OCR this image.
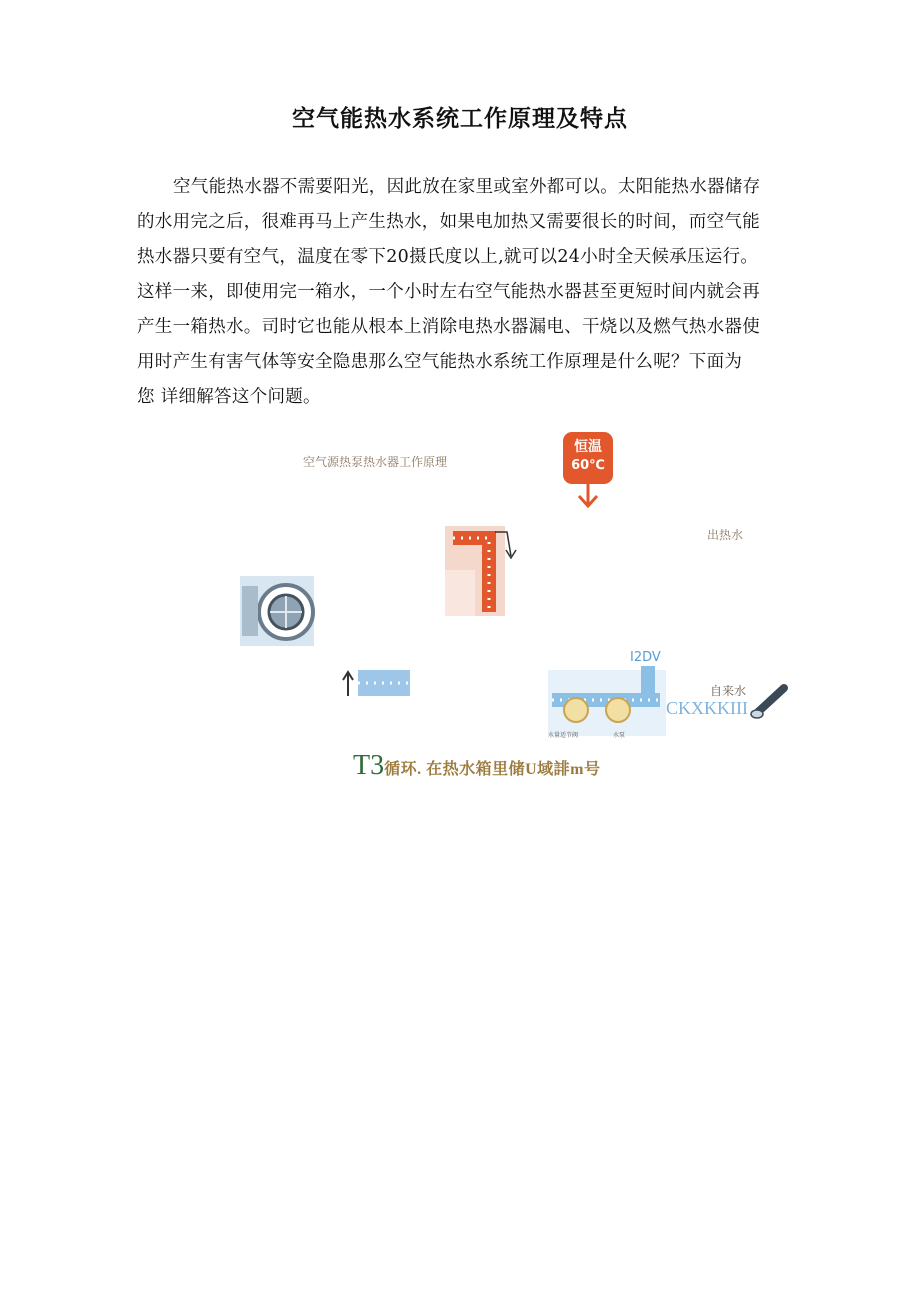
空气能热水系统工作原理及特点
空气能热水器不需要阳光，因此放在家里或室外都可以。太阳能热水器储存
的水用完之后，很难再马上产生热水，如果电加热又需要很长的时间，而空气能
热水器只要有空气，温度在零下20摄氏度以上,就可以24小时全天候承压运行。
这样一来，即使用完一箱水，一个小时左右空气能热水器甚至更短时间内就会再
产生一箱热水。司时它也能从根本上消除电热水器漏电、干烧以及燃气热水器使
用时产生有害气体等安全隐患那么空气能热水系统工作原理是什么呢？下面为
您 详细解答这个问题。
空气源热泵热水器工作原理
恒温
60℃
出热水
I2DV
水量适节阀	水泵
自来水
CKXKKIII
T3循环. 在热水箱里储U域誹m号
